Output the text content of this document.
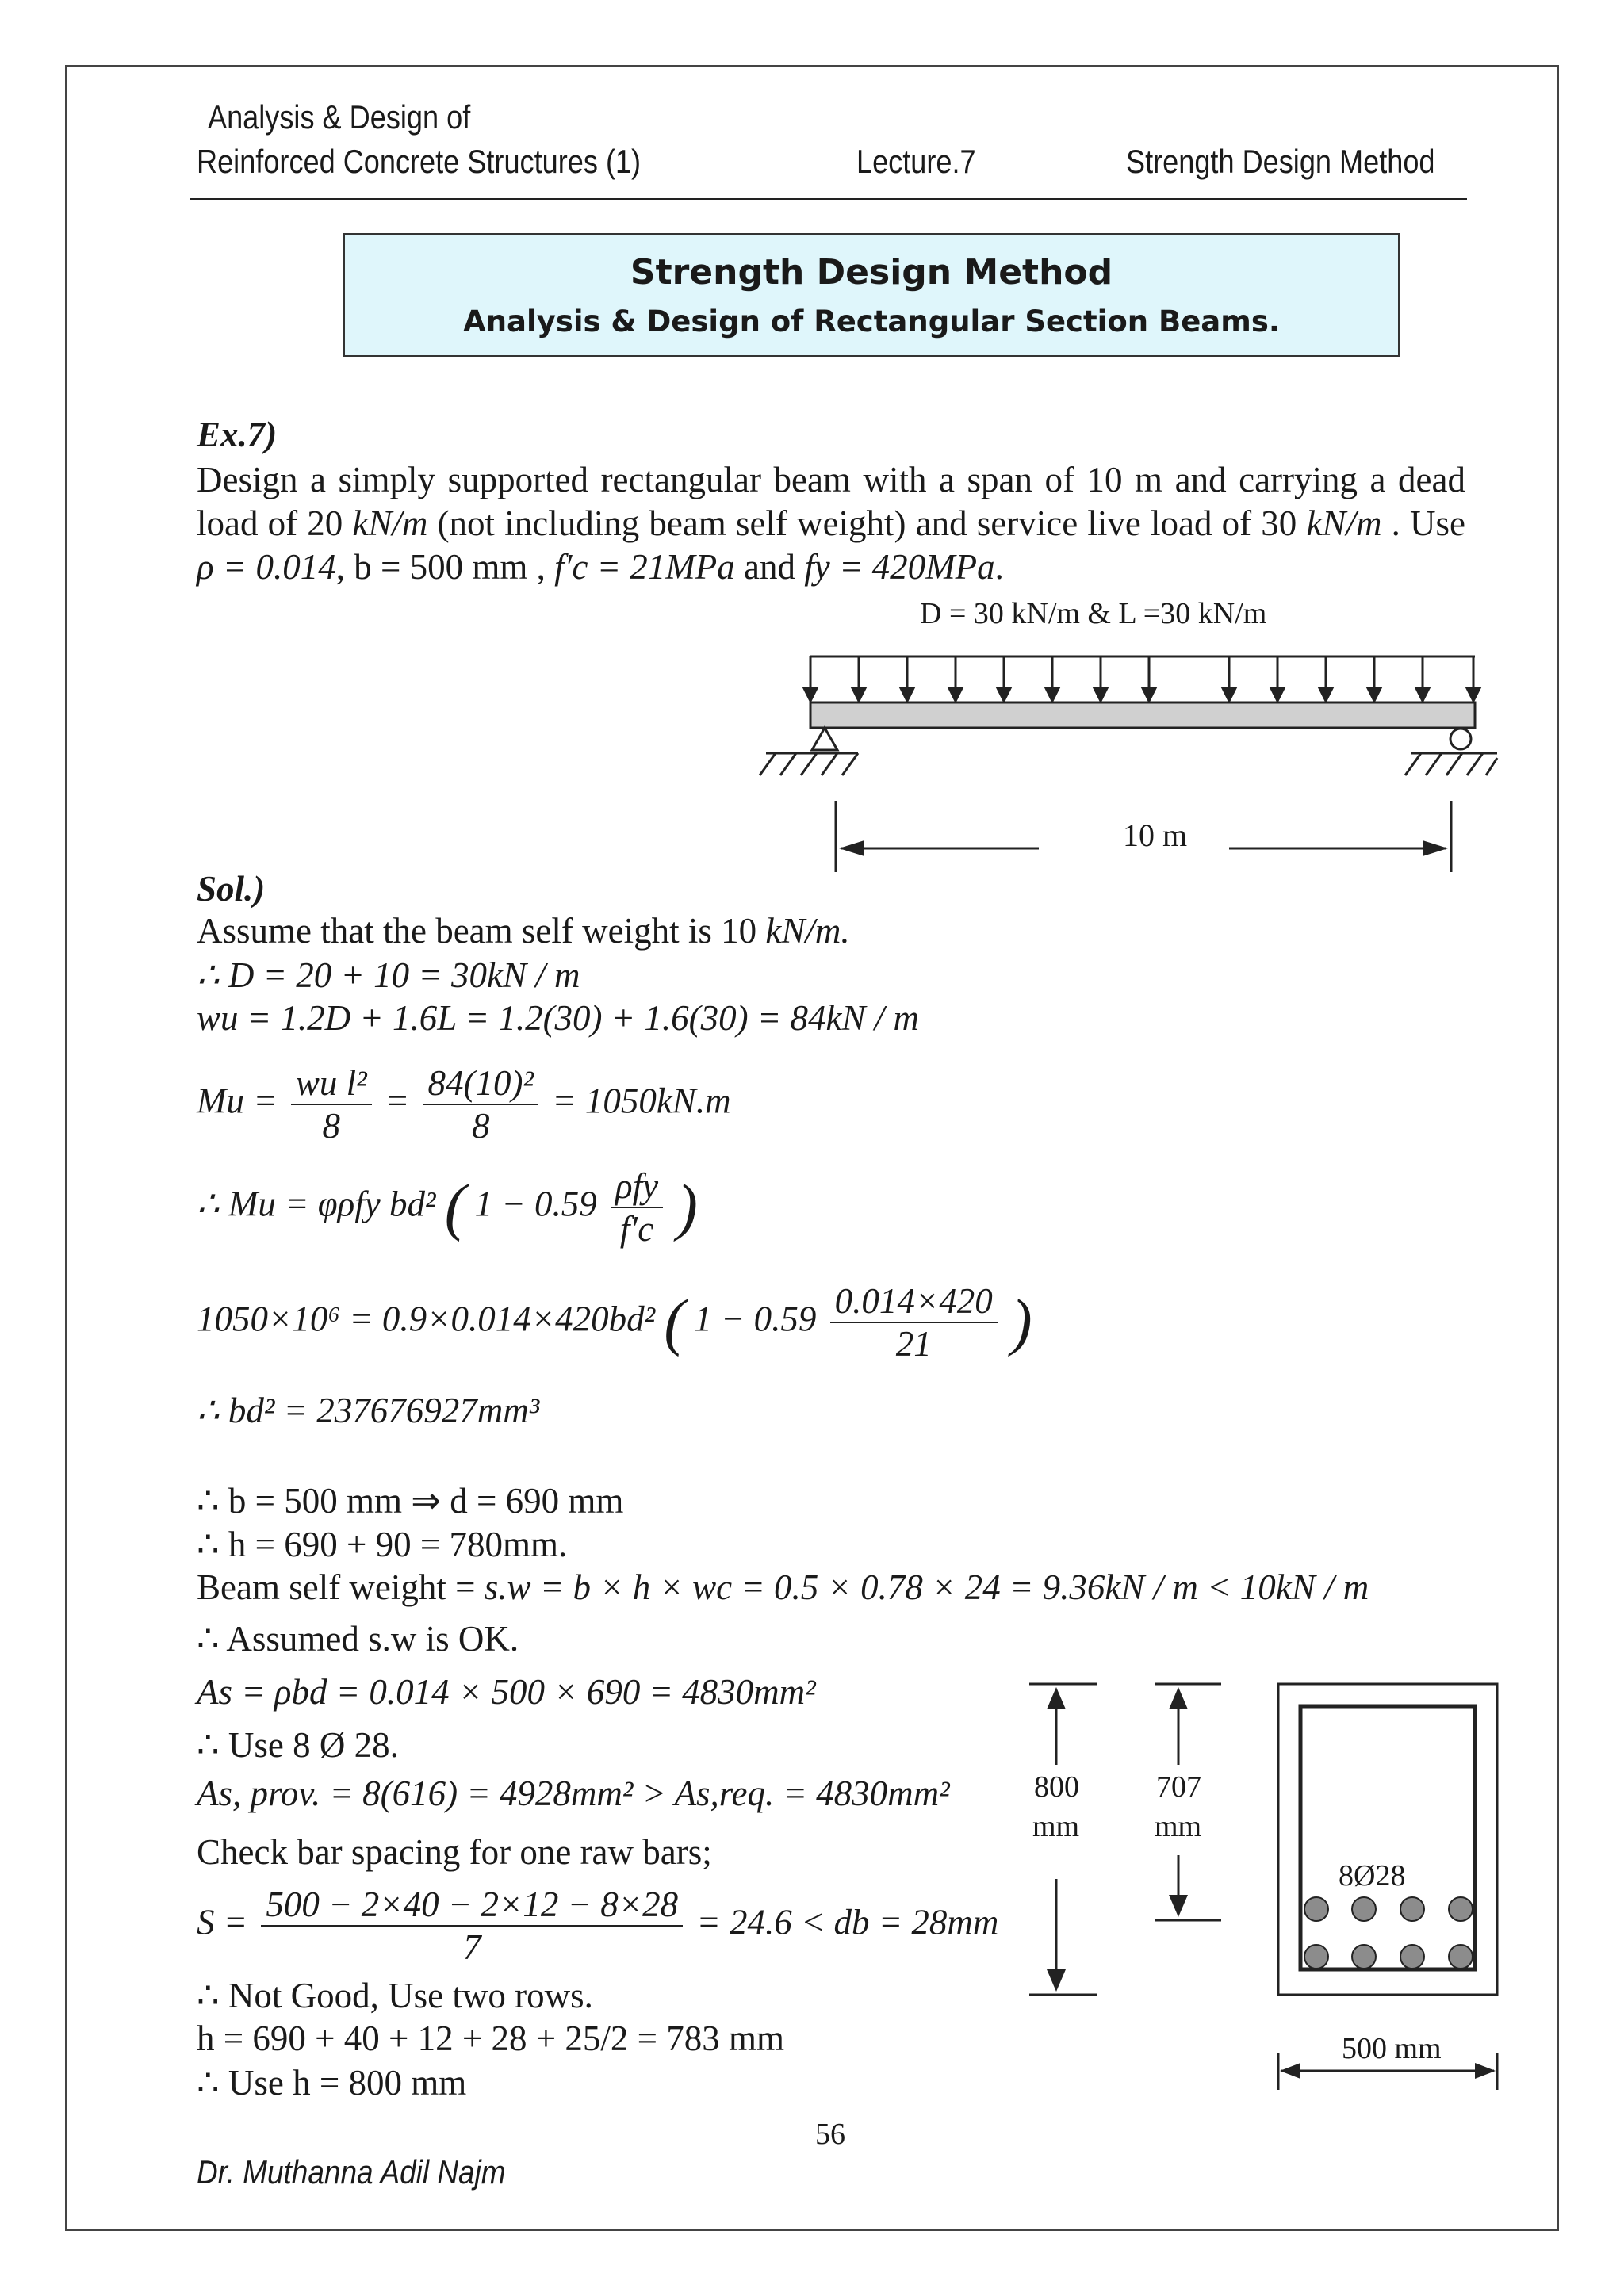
Analysis & Design of
Reinforced Concrete Structures (1)	Lecture.7	Strength Design Method
Strength Design Method
Analysis & Design of Rectangular Section Beams.
Ex.7)
Design a simply supported rectangular beam with a span of 10 m and carrying a dead load of 20 kN/m (not including beam self weight) and service live load of 30 kN/m . Use ρ = 0.014, b = 500 mm , f′c = 21MPa and fy = 420MPa.
D = 30 kN/m & L =30 kN/m
10 m
Sol.)
Assume that the beam self weight is 10 kN/m.
∴ D = 20 + 10 = 30kN / m
wu = 1.2D + 1.6L = 1.2(30) + 1.6(30) = 84kN / m
$Mu = \frac{\text{wu l²}}{8} = \frac{\text{84(10)²}}{8} = 1050kN.m$
∴ Mu = φρfy bd² ( $1 - 0.59 \frac{\text{ρfy}}{f'c}$ )
1050×10⁶ = 0.9×0.014×420bd² ( $1 - 0.59 \frac{0.014\times 420}{21}$ )
∴ bd² = 237676927mm³
∴ b = 500 mm ⇒ d = 690 mm
∴ h = 690 + 90 = 780mm.
Beam self weight = s.w = b × h × wc = 0.5 × 0.78 × 24 = 9.36kN / m < 10kN / m
∴ Assumed s.w is OK.
As = ρbd = 0.014 × 500 × 690 = 4830mm²
∴ Use 8 Ø 28.
As, prov. = 8(616) = 4928mm² > As,req. = 4830mm²
Check bar spacing for one raw bars;
$S = \frac{500 - 2\times 40 - 2\times 12 - 8\times 28}{7} = 24.6$ < db = 28mm
∴ Not Good, Use two rows.
h = 690 + 40 + 12 + 28 + 25/2 = 783 mm
∴ Use h = 800 mm
800
mm
707
mm
8Ø28
500 mm
56
Dr. Muthanna Adil Najm
